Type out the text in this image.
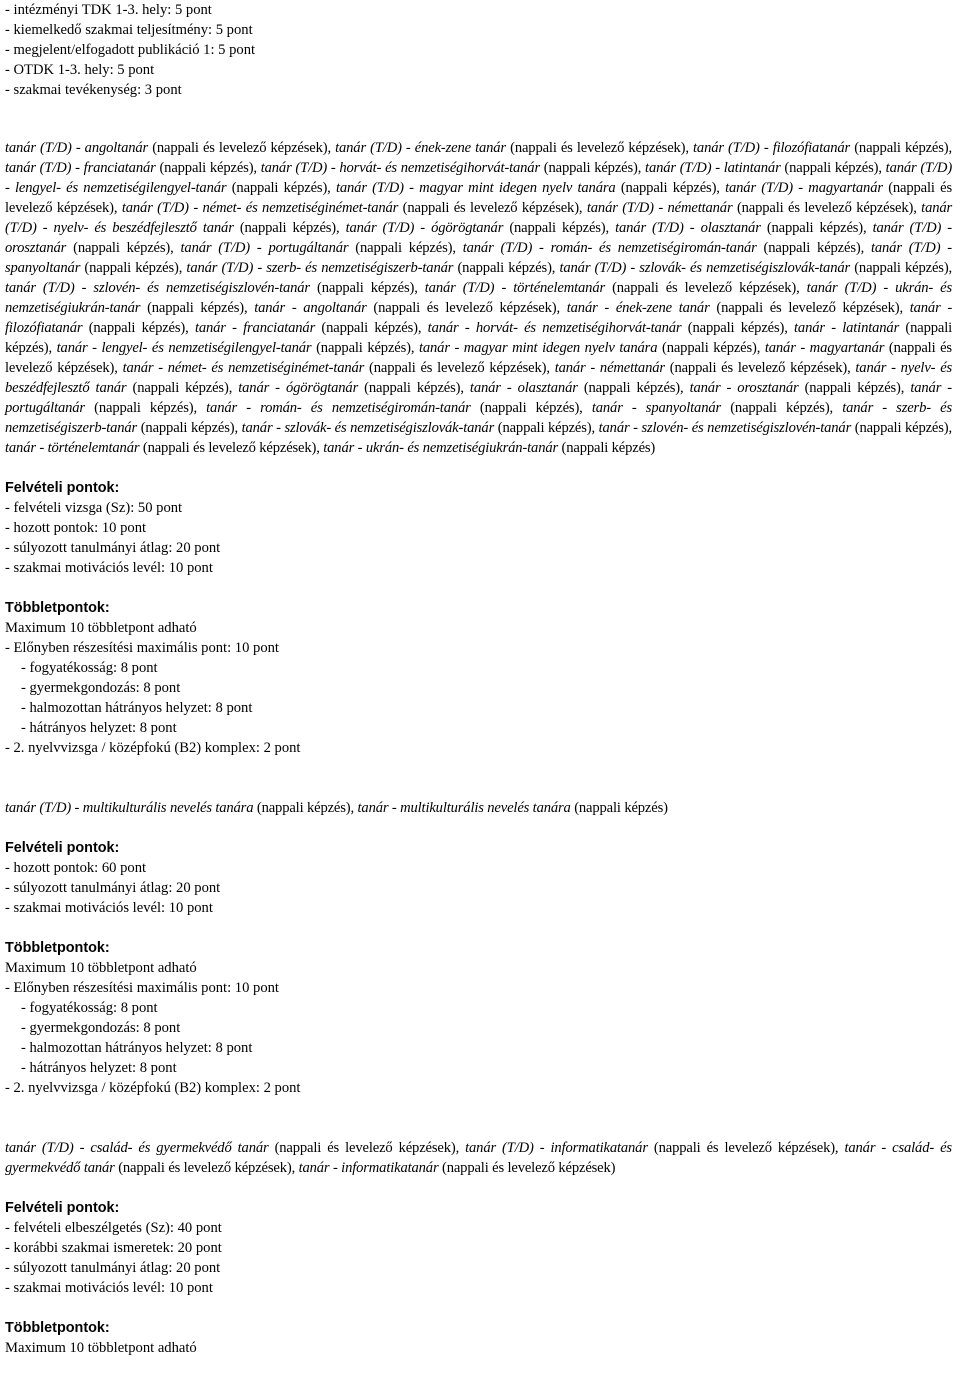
- intézményi TDK 1-3. hely: 5 pont

- kiemelkedő szakmai teljesítmény: 5 pont

- megjelent/elfogadott publikáció 1: 5 pont

- OTDK 1-3. hely: 5 pont

- szakmai tevékenység: 3 pont

tanár (T/D) - angoltanár (nappali és levelező képzések), tanár (T/D) - ének-zene tanár (nappali és levelező képzések), tanár (T/D) - filozófiatanár (nappali képzés), tanár (T/D) - franciatanár (nappali képzés), tanár (T/D) - horvát- és nemzetiségihorvát-tanár (nappali képzés), tanár (T/D) - latintanár (nappali képzés), tanár (T/D) - lengyel- és nemzetiségilengyel-tanár (nappali képzés), tanár (T/D) - magyar mint idegen nyelv tanára (nappali képzés), tanár (T/D) - magyartanár (nappali és levelező képzések), tanár (T/D) - német- és nemzetiséginémet-tanár (nappali és levelező képzések), tanár (T/D) - némettanár (nappali és levelező képzések), tanár (T/D) - nyelv- és beszédfejlesztő tanár (nappali képzés), tanár (T/D) - ógörögtanár (nappali képzés), tanár (T/D) - olasztanár (nappali képzés), tanár (T/D) - orosztanár (nappali képzés), tanár (T/D) - portugáltanár (nappali képzés), tanár (T/D) - román- és nemzetiségiromán-tanár (nappali képzés), tanár (T/D) - spanyoltanár (nappali képzés), tanár (T/D) - szerb- és nemzetiségiszerb-tanár (nappali képzés), tanár (T/D) - szlovák- és nemzetiségiszlovák-tanár (nappali képzés), tanár (T/D) - szlovén- és nemzetiségiszlovén-tanár (nappali képzés), tanár (T/D) - történelemtanár (nappali és levelező képzések), tanár (T/D) - ukrán- és nemzetiségiukrán-tanár (nappali képzés), tanár - angoltanár (nappali és levelező képzések), tanár - ének-zene tanár (nappali és levelező képzések), tanár - filozófiatanár (nappali képzés), tanár - franciatanár (nappali képzés), tanár - horvát- és nemzetiségihorvát-tanár (nappali képzés), tanár - latintanár (nappali képzés), tanár - lengyel- és nemzetiségilengyel-tanár (nappali képzés), tanár - magyar mint idegen nyelv tanára (nappali képzés), tanár - magyartanár (nappali és levelező képzések), tanár - német- és nemzetiséginémet-tanár (nappali és levelező képzések), tanár - némettanár (nappali és levelező képzések), tanár - nyelv- és beszédfejlesztő tanár (nappali képzés), tanár - ógörögtanár (nappali képzés), tanár - olasztanár (nappali képzés), tanár - orosztanár (nappali képzés), tanár - portugáltanár (nappali képzés), tanár - román- és nemzetiségiromán-tanár (nappali képzés), tanár - spanyoltanár (nappali képzés), tanár - szerb- és nemzetiségiszerb-tanár (nappali képzés), tanár - szlovák- és nemzetiségiszlovák-tanár (nappali képzés), tanár - szlovén- és nemzetiségiszlovén-tanár (nappali képzés), tanár - történelemtanár (nappali és levelező képzések), tanár - ukrán- és nemzetiségiukrán-tanár (nappali képzés)

Felvételi pontok:

- felvételi vizsga (Sz): 50 pont

- hozott pontok: 10 pont

- súlyozott tanulmányi átlag: 20 pont

- szakmai motivációs levél: 10 pont

Többletpontok:

Maximum 10 többletpont adható

- Előnyben részesítési maximális pont: 10 pont

- fogyatékosság: 8 pont

- gyermekgondozás: 8 pont

- halmozottan hátrányos helyzet: 8 pont

- hátrányos helyzet: 8 pont

- 2. nyelvvizsga / középfokú (B2) komplex: 2 pont

tanár (T/D) - multikulturális nevelés tanára (nappali képzés), tanár - multikulturális nevelés tanára (nappali képzés)

Felvételi pontok:

- hozott pontok: 60 pont

- súlyozott tanulmányi átlag: 20 pont

- szakmai motivációs levél: 10 pont

Többletpontok:

Maximum 10 többletpont adható

- Előnyben részesítési maximális pont: 10 pont

- fogyatékosság: 8 pont

- gyermekgondozás: 8 pont

- halmozottan hátrányos helyzet: 8 pont

- hátrányos helyzet: 8 pont

- 2. nyelvvizsga / középfokú (B2) komplex: 2 pont

tanár (T/D) - család- és gyermekvédő tanár (nappali és levelező képzések), tanár (T/D) - informatikatanár (nappali és levelező képzések), tanár - család- és gyermekvédő tanár (nappali és levelező képzések), tanár - informatikatanár (nappali és levelező képzések)

Felvételi pontok:

- felvételi elbeszélgetés (Sz): 40 pont

- korábbi szakmai ismeretek: 20 pont

- súlyozott tanulmányi átlag: 20 pont

- szakmai motivációs levél: 10 pont

Többletpontok:

Maximum 10 többletpont adható
